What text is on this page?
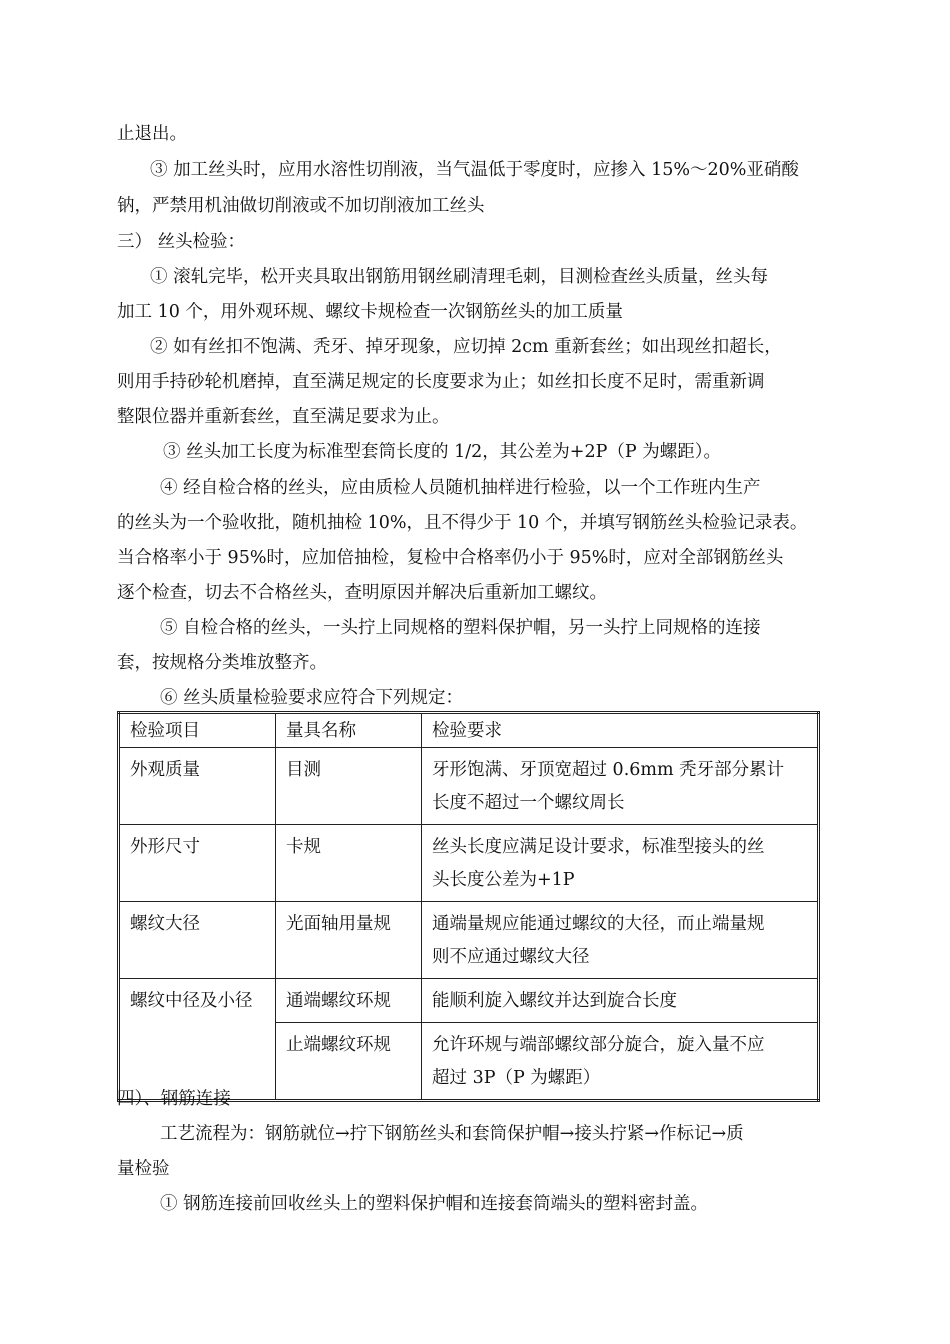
止退出。
③ 加工丝头时，应用水溶性切削液，当气温低于零度时，应掺入 15%～20%亚硝酸
钠，严禁用机油做切削液或不加切削液加工丝头
三） 丝头检验：
① 滚轧完毕，松开夹具取出钢筋用钢丝刷清理毛刺，目测检查丝头质量，丝头每
加工 10 个，用外观环规、螺纹卡规检查一次钢筋丝头的加工质量
② 如有丝扣不饱满、秃牙、掉牙现象，应切掉 2cm 重新套丝；如出现丝扣超长，
则用手持砂轮机磨掉，直至满足规定的长度要求为止；如丝扣长度不足时，需重新调
整限位器并重新套丝，直至满足要求为止。
③ 丝头加工长度为标准型套筒长度的 1/2，其公差为+2P（P 为螺距）。
④ 经自检合格的丝头，应由质检人员随机抽样进行检验，以一个工作班内生产
的丝头为一个验收批，随机抽检 10%，且不得少于 10 个，并填写钢筋丝头检验记录表。
当合格率小于 95%时，应加倍抽检，复检中合格率仍小于 95%时，应对全部钢筋丝头
逐个检查，切去不合格丝头，查明原因并解决后重新加工螺纹。
⑤ 自检合格的丝头，一头拧上同规格的塑料保护帽，另一头拧上同规格的连接
套，按规格分类堆放整齐。
⑥ 丝头质量检验要求应符合下列规定：
检验项目	量具名称	检验要求
外观质量	目测	牙形饱满、牙顶宽超过 0.6mm 秃牙部分累计
长度不超过一个螺纹周长

外形尺寸	卡规	丝头长度应满足设计要求，标准型接头的丝
头长度公差为+1P

螺纹大径	光面轴用量规	通端量规应能通过螺纹的大径，而止端量规
则不应通过螺纹大径

螺纹中径及小径	通端螺纹环规	能顺利旋入螺纹并达到旋合长度

	止端螺纹环规	允许环规与端部螺纹部分旋合，旋入量不应
超过 3P（P 为螺距）
四）、钢筋连接
工艺流程为：钢筋就位→拧下钢筋丝头和套筒保护帽→接头拧紧→作标记→质
量检验
① 钢筋连接前回收丝头上的塑料保护帽和连接套筒端头的塑料密封盖。
